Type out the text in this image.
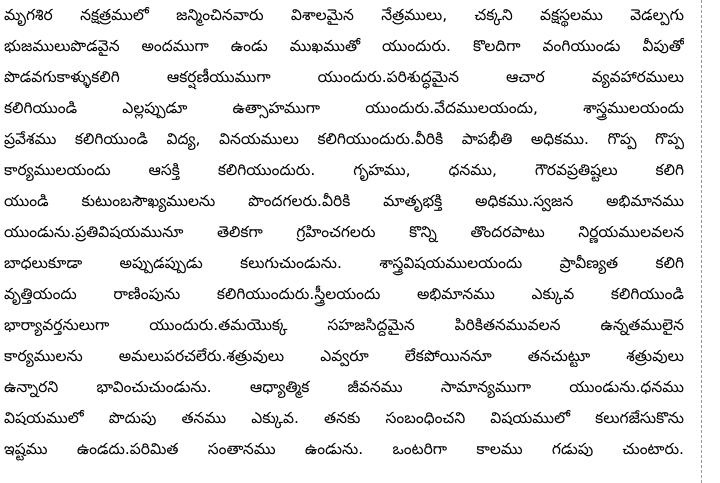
మృగశిర నక్షత్రములో జన్మించినవారు విశాలమైన నేత్రములు, చక్కని వక్షస్థలము వెడల్పగు
భుజములుపొడవైన అందముగా ఉండు ముఖముతో యుందురు. కొలదిగా వంగియుండు వీపుతో
పొడవగుకాళ్ళుకలిగి ఆకర్షణీయుముగా యుందురు.పరిశుద్ధమైన ఆచార వ్యవహారములు
కలిగియుండి ఎల్లప్పుడూ ఉత్సాహముగా యుందురు.వేదములయందు, శాస్త్రములయందు
ప్రవేశము కలిగియుండి విద్య, వినయములు కలిగియుందురు.వీరికి పాపభీతి అధికము. గొప్ప గొప్ప
కార్యములయందు ఆసక్తి కలిగియుందురు. గృహము, ధనము, గౌరవప్రతిష్టలు కలిగి
యుండి కుటుంబసౌఖ్యములను పొందగలరు.వీరికి మాతృభక్తి అధికము.స్వజన అభిమానము
యుండును.ప్రతివిషయమునూ తెలికగా గ్రహించగలరు కొన్ని తొందరపాటు నిర్ణయములవలన
బాధలుకూడా అప్పుడప్పుడు కలుగుచుండును. శాస్త్రవిషయములయందు ప్రావీణ్యత కలిగి
వృత్తియందు రాణింపును కలిగియుందురు.స్త్రీలయందు అభిమానము ఎక్కువ కలిగియుండి
భార్యావర్తనులుగా యుందురు.తమయొక్క సహజసిద్దమైన పిరికితనమువలన ఉన్నతములైన
కార్యములను అమలుపరచలేరు.శత్రువులు ఎవ్వరూ లేకపోయిననూ తనచుట్టూ శత్రువులు
ఉన్నారని భావించుచుండును. ఆధ్యాత్మిక జీవనము సామాన్యముగా యుండును.ధనము
విషయములో పొదుపు తనము ఎక్కువ. తనకు సంబంధించని విషయములో కలుగజేసుకొను
ఇష్టము ఉండదు.పరిమిత సంతానము ఉండును. ఒంటరిగా కాలము గడుపు చుంటారు.
